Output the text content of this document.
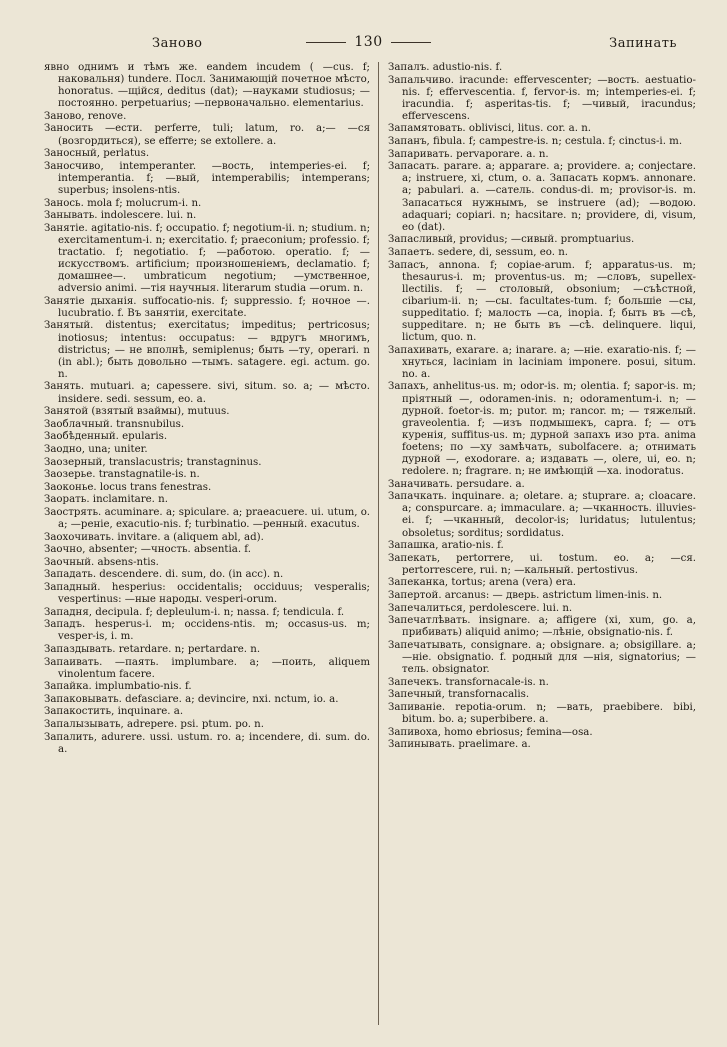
Заново	130	Запинать
явно однимъ и тѣмъ же. eandem incudem ( —cus. f; наковальня) tundere. Посл. Занимающій почетное мѣсто, honoratus. —щійся, deditus (dat); —науками studiosus; —постоянно. perpetuarius; —первоначально. elementarius.
Заново, renove.
Заносить —ести. perferre, tuli; latum, ro. a;— —ся (возгордиться), se efferre; se extollere. a.
Заносный, perlatus.
Заносчиво, intemperanter. —вость, intemperies-ei. f; intemperantia. f; —вый, intemperabilis; intemperans; superbus; insolens-ntis.
Занось. mola f; molucrum-i. n.
Занывать. indolescere. lui. n.
Занятіе. agitatio-nis. f; occupatio. f; negotium-ii. n; studium. n; exercitamentum-i. n; exercitatio. f; praeconium; professio. f; tractatio. f; negotiatio. f; —работою. operatio. f; —искусствомъ. artificium; произношеніемъ, declamatio. f; домашнее—. umbraticum negotium; —умственное, adversio animi. —тія научныя. literarum studia —orum. n.
Занятіе дыханія. suffocatio-nis. f; suppressio. f; ночное —. lucubratio. f. Въ занятіи, exercitate.
Занятый. distentus; exercitatus; impeditus; pertricosus; inotiosus; intentus: occupatus: — вдругъ многимъ, districtus; — не вполнѣ, semiplenus; быть —ту, operari. n (in abl.); быть довольно —тымъ. satagere. egi. actum. go. n.
Занять. mutuari. a; capessere. sivi, situm. so. a; — мѣсто. insidere. sedi. sessum, eo. a.
Занятой (взятый взаймы), mutuus.
Заоблачный. transnubilus.
Заобѣденный. epularis.
Заодно, una; uniter.
Заозерный, translacustris; transtagninus.
Заозерье. transtagnatile-is. n.
Заоконье. locus trans fenestras.
Заорать. inclamitare. n.
Заострять. acuminare. a; spiculare. a; praeacuere. ui. utum, o. a; —реніе, exacutio-nis. f; turbinatio. —ренный. exacutus.
Заохочивать. invitare. a (aliquem abl, ad).
Заочно, absenter; —чность. absentia. f.
Заочный. absens-ntis.
Западать. descendere. di. sum, do. (in acc). n.
Западный. hesperius: occidentalis; occiduus; vesperalis; vespertinus: —ные народы. vesperi-orum.
Западня, decipula. f; depleulum-i. n; nassa. f; tendicula. f.
Западъ. hesperus-i. m; occidens-ntis. m; occasus-us. m; vesper-is, i. m.
Запаздывать. retardare. n; pertardare. n.
Запаивать. —паять. implumbare. a; —поить, aliquem vinolentum facere.
Запайка. implumbatio-nis. f.
Запаковывать. defasciare. a; devincire, nxi. nctum, io. a.
Запакостить, inquinare. a.
Запалызывать, adrepere. psi. ptum. po. n.
Запалить, adurere. ussi. ustum. ro. a; incendere, di. sum. do. a.
Запалъ. adustio-nis. f.
Запальчиво. iracunde: effervescenter; —вость. aestuatio-nis. f; effervescentia. f, fervor-is. m; intemperies-ei. f; iracundia. f; asperitas-tis. f; —чивый, iracundus; effervescens.
Запамятовать. oblivisci, litus. cor. a. n.
Запанъ, fibula. f; campestre-is. n; cestula. f; cinctus-i. m.
Запаривать. pervaporare. a. n.
Запасать. parare. a; apparare. a; providere. a; conjectare. a; instruere, xi, ctum, o. a. Запасать кормъ. annonare. a; pabulari. a. —сатель. condus-di. m; provisor-is. m. Запасаться нужнымъ, se instruere (ad); —водою. adaquari; copiari. n; hacsitare. n; providere, di, visum, eo (dat).
Запасливый, providus; —сивый. promptuarius.
Запаетъ. sedere, di, sessum, eo. n.
Запасъ, annona. f; copiae-arum. f; apparatus-us. m; thesaurus-i. m; proventus-us. m; —словъ, supellex-llectilis. f; — столовый, obsonium; —съѣстной, cibarium-ii. n; —сы. facultates-tum. f; большіе —сы, suppeditatio. f; малость —са, inopia. f; быть въ —сѣ, suppeditare. n; не быть въ —сѣ. delinquere. liqui, lictum, quo. n.
Запахивать, exarare. a; inarare. a; —ніе. exaratio-nis. f; —хнуться, laciniam in laciniam imponere. posui, situm. no. a.
Запахъ, anhelitus-us. m; odor-is. m; olentia. f; sapor-is. m; пріятный —, odoramen-inis. n; odoramentum-i. n; — дурной. foetor-is. m; putor. m; rancor. m; — тяжелый. graveolentia. f; —изъ подмышекъ, capra. f; — отъ куренія, suffitus-us. m; дурной запахъ изо рта. anima foetens; по —ху замѣчать, subolfacere. a; отнимать дурной —, exodorare. a; издавать —, olere, ui, eo. n; redolere. n; fragrare. n; не имѣющій —ха. inodoratus.
Заначивать. persudare. a.
Запачкать. inquinare. a; oletare. a; stuprare. a; cloacare. a; conspurcare. a; immaculare. a; —чканность. illuvies-ei. f; —чканный, decolor-is; luridatus; lutulentus; obsoletus; sorditus; sordidatus.
Запашка, aratio-nis. f.
Запекать, pertorrere, ui. tostum. eo. a; —ся. pertorrescere, rui. n; —кальный. pertostivus.
Запеканка, tortus; arena (vera) era.
Запертой. arcanus: — дверь. astrictum limen-inis. n.
Запечалиться, perdolescere. lui. n.
Запечатлѣвать. insignare. a; affigere (xi, xum, go. a, прибивать) aliquid animo; —лѣніе, obsignatio-nis. f.
Запечатывать, consignare. a; obsignare. a; obsigillare. a; —ніе. obsignatio. f. родный для —нія, signatorius; —тель. obsignator.
Запечекъ. transfornacale-is. n.
Запечный, transfornacalis.
Запиваніе. repotia-orum. n; —вать, praebibere. bibi, bitum. bo. a; superbibere. a.
Запивоха, homo ebriosus; femina—osa.
Запинывать. praelimare. a.
